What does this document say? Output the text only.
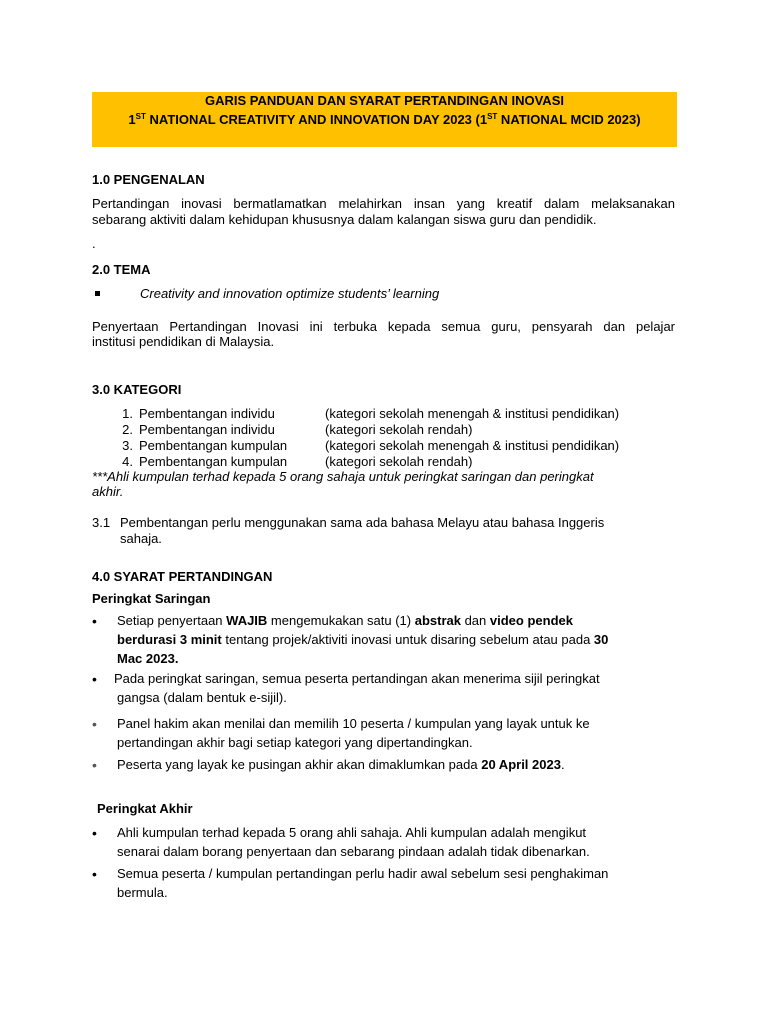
GARIS PANDUAN DAN SYARAT PERTANDINGAN INOVASI
1ST NATIONAL CREATIVITY AND INNOVATION DAY 2023 (1ST NATIONAL MCID 2023)
1.0 PENGENALAN
Pertandingan inovasi bermatlamatkan melahirkan insan yang kreatif dalam melaksanakan
sebarang aktiviti dalam kehidupan khususnya dalam kalangan siswa guru dan pendidik.
.
2.0 TEMA
Creativity and innovation optimize students’ learning
Penyertaan Pertandingan Inovasi ini terbuka kepada semua guru, pensyarah dan pelajar
institusi pendidikan di Malaysia.
3.0 KATEGORI
1. Pembentangan individu	(kategori sekolah menengah & institusi pendidikan)
2. Pembentangan individu	(kategori sekolah rendah)
3. Pembentangan kumpulan	(kategori sekolah menengah & institusi pendidikan)
4. Pembentangan kumpulan	(kategori sekolah rendah)
***Ahli kumpulan terhad kepada 5 orang sahaja untuk peringkat saringan dan peringkat
akhir.
3.1 Pembentangan perlu menggunakan sama ada bahasa Melayu atau bahasa Inggeris
sahaja.
4.0 SYARAT PERTANDINGAN
Peringkat Saringan
• Setiap penyertaan WAJIB mengemukakan satu (1) abstrak dan video pendek
berdurasi 3 minit tentang projek/aktiviti inovasi untuk disaring sebelum atau pada 30
Mac 2023.
• Pada peringkat saringan, semua peserta pertandingan akan menerima sijil peringkat
gangsa (dalam bentuk e-sijil).
• Panel hakim akan menilai dan memilih 10 peserta / kumpulan yang layak untuk ke
pertandingan akhir bagi setiap kategori yang dipertandingkan.
• Peserta yang layak ke pusingan akhir akan dimaklumkan pada 20 April 2023.
Peringkat Akhir
• Ahli kumpulan terhad kepada 5 orang ahli sahaja. Ahli kumpulan adalah mengikut
senarai dalam borang penyertaan dan sebarang pindaan adalah tidak dibenarkan.
• Semua peserta / kumpulan pertandingan perlu hadir awal sebelum sesi penghakiman
bermula.
